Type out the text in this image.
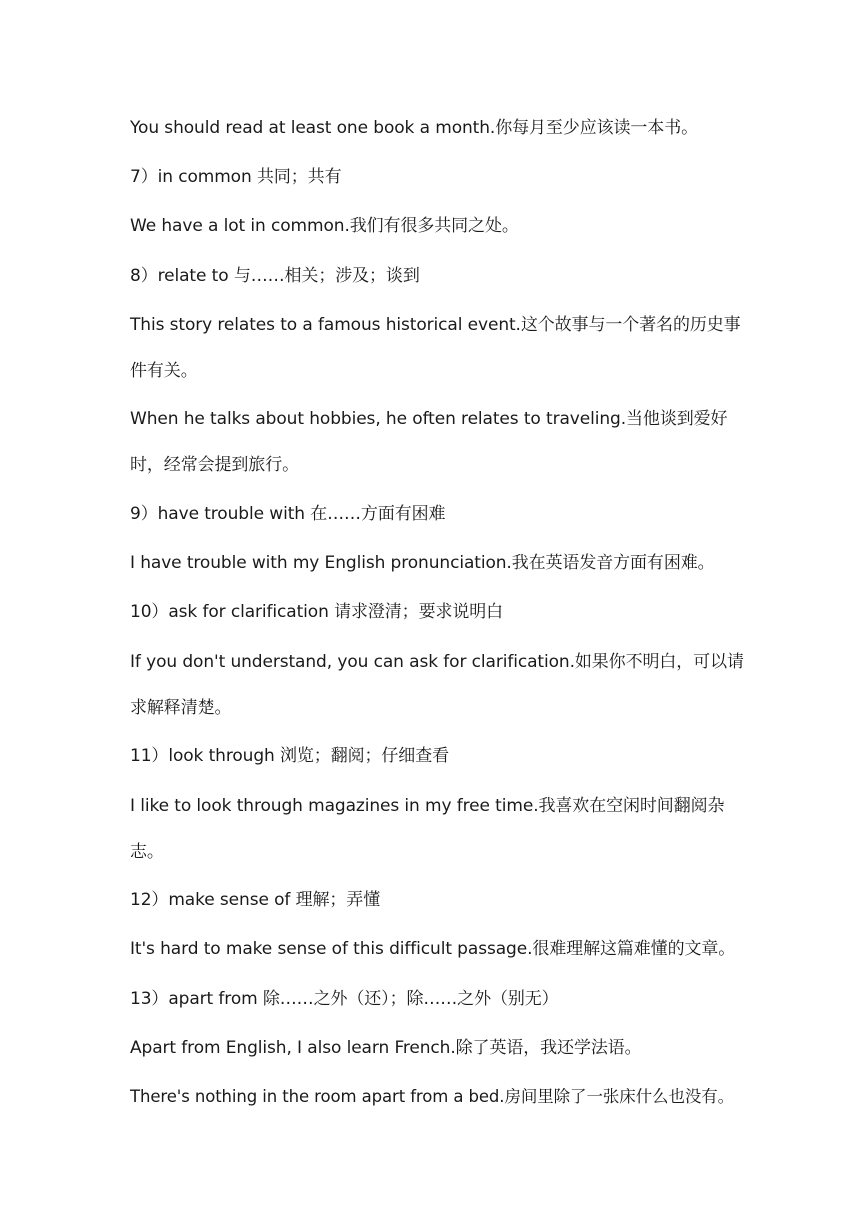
You should read at least one book a month.你每月至少应该读一本书。
7）in common 共同；共有
We have a lot in common.我们有很多共同之处。
8）relate to 与……相关；涉及；谈到
This story relates to a famous historical event.这个故事与一个著名的历史事
件有关。
When he talks about hobbies, he often relates to traveling.当他谈到爱好
时，经常会提到旅行。
9）have trouble with 在……方面有困难
I have trouble with my English pronunciation.我在英语发音方面有困难。
10）ask for clarification 请求澄清；要求说明白
If you don't understand, you can ask for clarification.如果你不明白，可以请
求解释清楚。
11）look through 浏览；翻阅；仔细查看
I like to look through magazines in my free time.我喜欢在空闲时间翻阅杂
志。
12）make sense of 理解；弄懂
It's hard to make sense of this difficult passage.很难理解这篇难懂的文章。
13）apart from 除……之外（还）；除……之外（别无）
Apart from English, I also learn French.除了英语，我还学法语。
There's nothing in the room apart from a bed.房间里除了一张床什么也没有。
